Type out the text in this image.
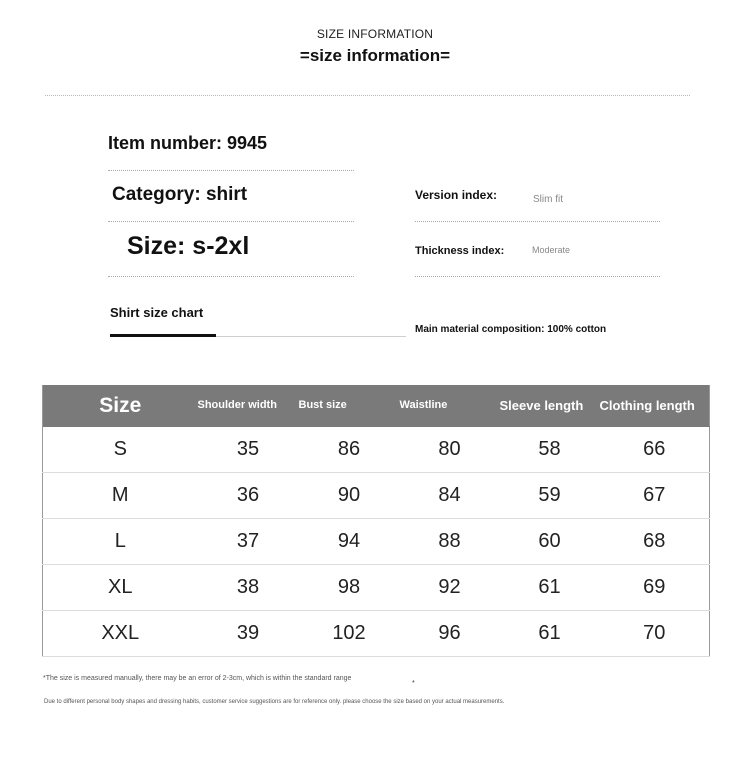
SIZE INFORMATION
=size information=
Item number: 9945
Category: shirt
Size: s-2xl
Version index:	Slim fit
Thickness index:	Moderate
Shirt size chart
Main material composition: 100% cotton
Size	Shoulder width	Bust size	Waistline	Sleeve length	Clothing length
S	35	86	80	58	66
M	36	90	84	59	67
L	37	94	88	60	68
XL	38	98	92	61	69
XXL	39	102	96	61	70
*The size is measured manually, there may be an error of 2-3cm, which is within the standard range
*
Due to different personal body shapes and dressing habits, customer service suggestions are for reference only. please choose the size based on your actual measurements.
